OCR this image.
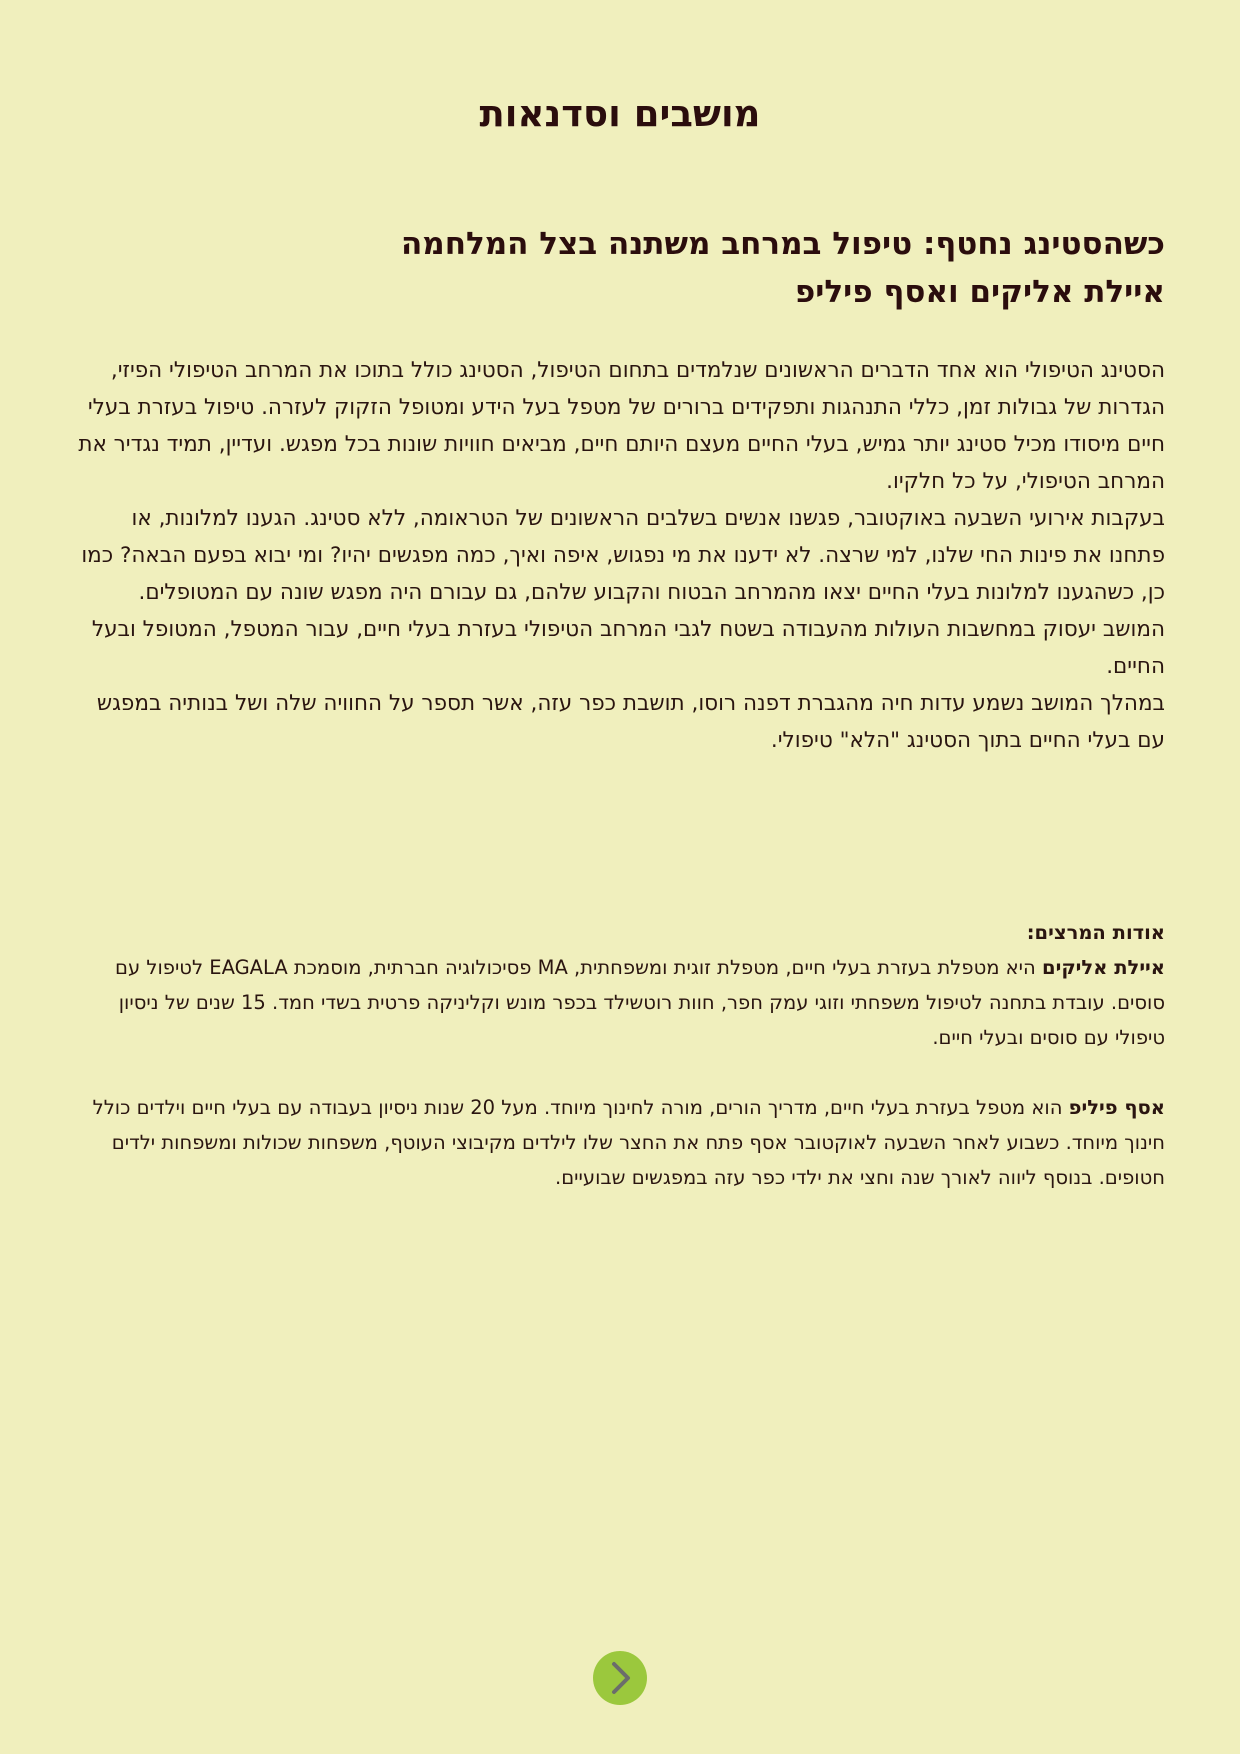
מושבים וסדנאות
כשהסטינג נחטף: טיפול במרחב משתנה בצל המלחמה
איילת אליקים ואסף פיליפ

הסטינג הטיפולי הוא אחד הדברים הראשונים שנלמדים בתחום הטיפול, הסטינג כולל בתוכו את המרחב הטיפולי הפיזי, הגדרות של גבולות זמן, כללי התנהגות ותפקידים ברורים של מטפל בעל הידע ומטופל הזקוק לעזרה. טיפול בעזרת בעלי חיים מיסודו מכיל סטינג יותר גמיש, בעלי החיים מעצם היותם חיים, מביאים חוויות שונות בכל מפגש. ועדיין, תמיד נגדיר את המרחב הטיפולי, על כל חלקיו.

בעקבות אירועי השבעה באוקטובר, פגשנו אנשים בשלבים הראשונים של הטראומה, ללא סטינג. הגענו למלונות, או פתחנו את פינות החי שלנו, למי שרצה. לא ידענו את מי נפגוש, איפה ואיך, כמה מפגשים יהיו? ומי יבוא בפעם הבאה? כמו כן, כשהגענו למלונות בעלי החיים יצאו מהמרחב הבטוח והקבוע שלהם, גם עבורם היה מפגש שונה עם המטופלים. המושב יעסוק במחשבות העולות מהעבודה בשטח לגבי המרחב הטיפולי בעזרת בעלי חיים, עבור המטפל, המטופל ובעל החיים.

במהלך המושב נשמע עדות חיה מהגברת דפנה רוסו, תושבת כפר עזה, אשר תספר על החוויה שלה ושל בנותיה במפגש עם בעלי החיים בתוך הסטינג "הלא" טיפולי.

אודות המרצים:

איילת אליקים היא מטפלת בעזרת בעלי חיים, מטפלת זוגית ומשפחתית, MA פסיכולוגיה חברתית, מוסמכת EAGALA לטיפול עם סוסים. עובדת בתחנה לטיפול משפחתי וזוגי עמק חפר, חוות רוטשילד בכפר מונש וקליניקה פרטית בשדי חמד. 15 שנים של ניסיון טיפולי עם סוסים ובעלי חיים.

אסף פיליפ הוא מטפל בעזרת בעלי חיים, מדריך הורים, מורה לחינוך מיוחד. מעל 20 שנות ניסיון בעבודה עם בעלי חיים וילדים כולל חינוך מיוחד. כשבוע לאחר השבעה לאוקטובר אסף פתח את החצר שלו לילדים מקיבוצי העוטף, משפחות שכולות ומשפחות ילדים חטופים. בנוסף ליווה לאורך שנה וחצי את ילדי כפר עזה במפגשים שבועיים.
